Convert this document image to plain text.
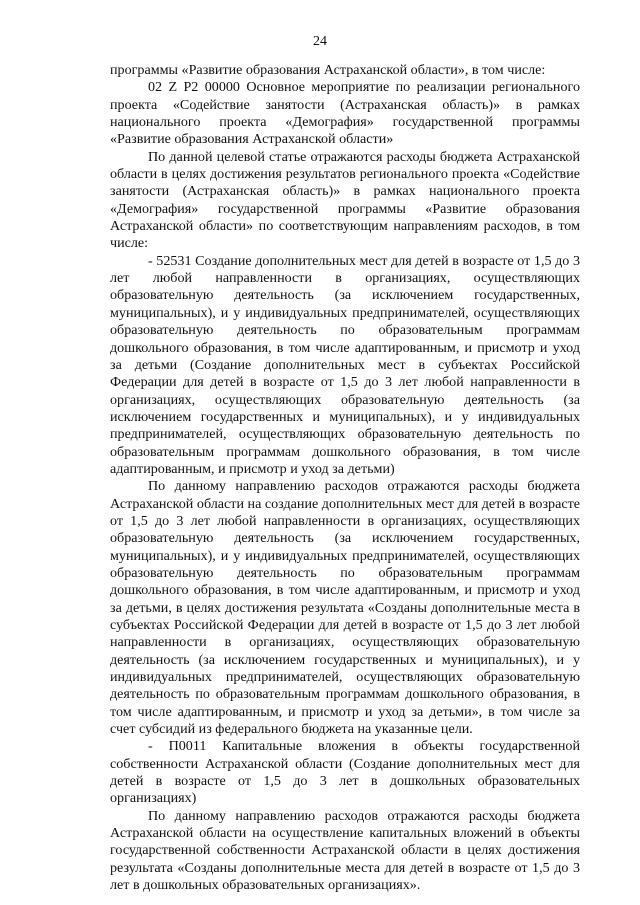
24

программы «Развитие образования Астраханской области», в том числе:

02 Z P2 00000 Основное мероприятие по реализации регионального проекта «Содействие занятости (Астраханская область)» в рамках национального проекта «Демография» государственной программы «Развитие образования Астраханской области»

По данной целевой статье отражаются расходы бюджета Астраханской области в целях достижения результатов регионального проекта «Содействие занятости (Астраханская область)» в рамках национального проекта «Демография» государственной программы «Развитие образования Астраханской области» по соответствующим направлениям расходов, в том числе:

- 52531 Создание дополнительных мест для детей в возрасте от 1,5 до 3 лет любой направленности в организациях, осуществляющих образовательную деятельность (за исключением государственных, муниципальных), и у индивидуальных предпринимателей, осуществляющих образовательную деятельность по образовательным программам дошкольного образования, в том числе адаптированным, и присмотр и уход за детьми (Создание дополнительных мест в субъектах Российской Федерации для детей в возрасте от 1,5 до 3 лет любой направленности в организациях, осуществляющих образовательную деятельность (за исключением государственных и муниципальных), и у индивидуальных предпринимателей, осуществляющих образовательную деятельность по образовательным программам дошкольного образования, в том числе адаптированным, и присмотр и уход за детьми)

По данному направлению расходов отражаются расходы бюджета Астраханской области на создание дополнительных мест для детей в возрасте от 1,5 до 3 лет любой направленности в организациях, осуществляющих образовательную деятельность (за исключением государственных, муниципальных), и у индивидуальных предпринимателей, осуществляющих образовательную деятельность по образовательным программам дошкольного образования, в том числе адаптированным, и присмотр и уход за детьми, в целях достижения результата «Созданы дополнительные места в субъектах Российской Федерации для детей в возрасте от 1,5 до 3 лет любой направленности в организациях, осуществляющих образовательную деятельность (за исключением государственных и муниципальных), и у индивидуальных предпринимателей, осуществляющих образовательную деятельность по образовательным программам дошкольного образования, в том числе адаптированным, и присмотр и уход за детьми», в том числе за счет субсидий из федерального бюджета на указанные цели.

- П0011 Капитальные вложения в объекты государственной собственности Астраханской области (Создание дополнительных мест для детей в возрасте от 1,5 до 3 лет в дошкольных образовательных организациях)

По данному направлению расходов отражаются расходы бюджета Астраханской области на осуществление капитальных вложений в объекты государственной собственности Астраханской области в целях достижения результата «Созданы дополнительные места для детей в возрасте от 1,5 до 3 лет в дошкольных образовательных организациях».
